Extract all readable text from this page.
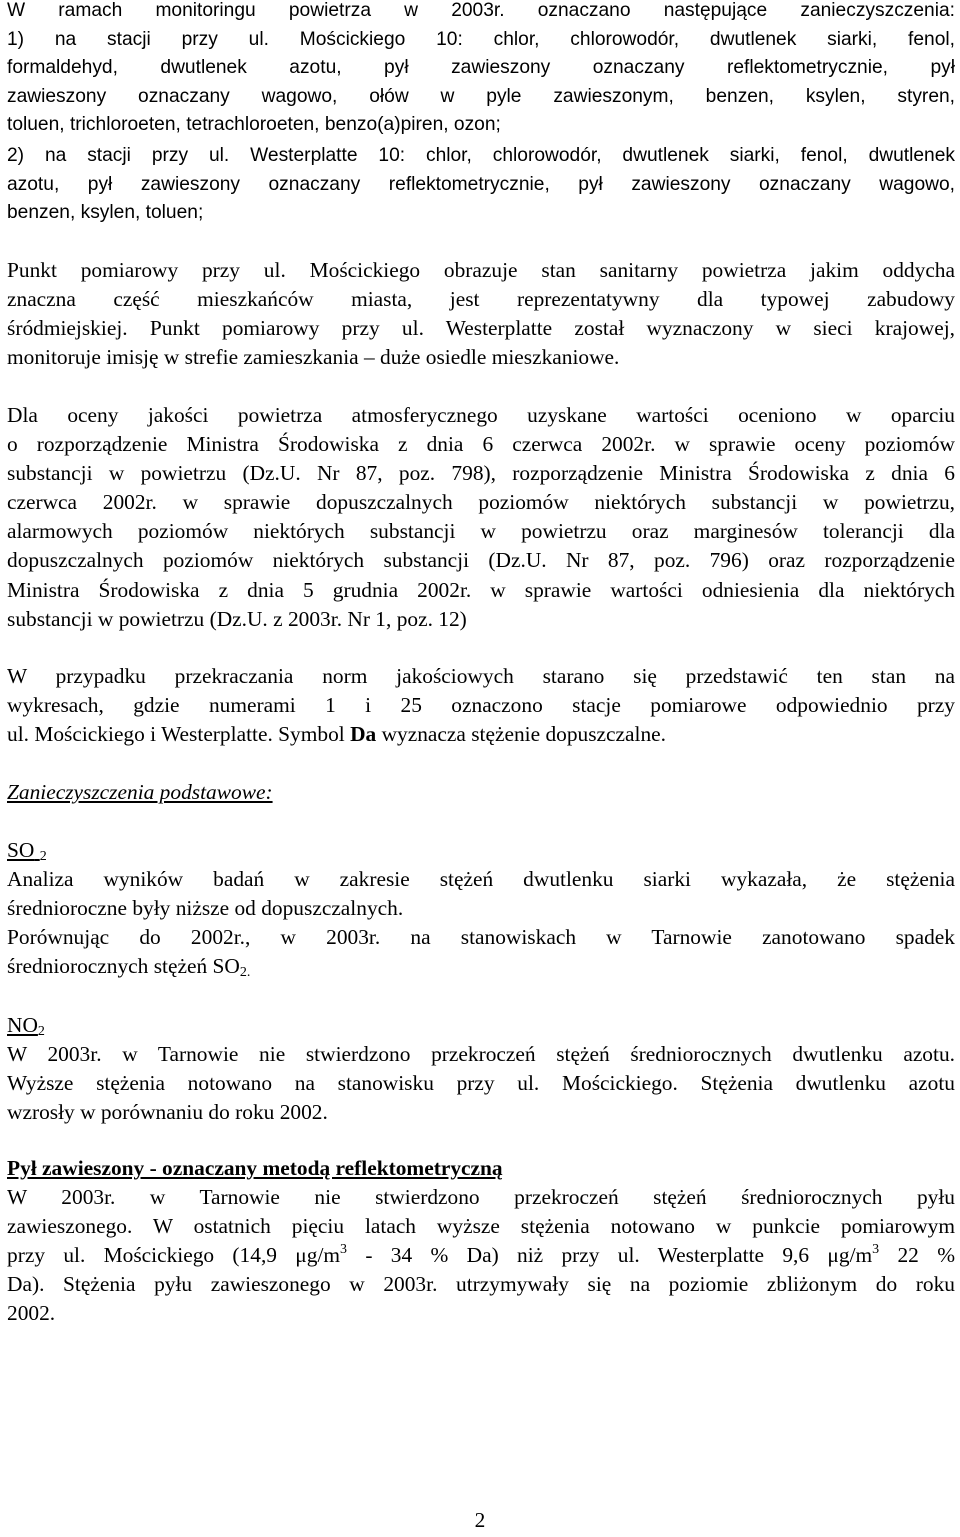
W ramach monitoringu powietrza w 2003r. oznaczano następujące zanieczyszczenia:
1) na stacji przy ul. Mościckiego 10: chlor, chlorowodór, dwutlenek siarki, fenol,
formaldehyd, dwutlenek azotu, pył zawieszony oznaczany reflektometrycznie, pył
zawieszony oznaczany wagowo, ołów w pyle zawieszonym, benzen, ksylen, styren,
toluen, trichloroeten, tetrachloroeten, benzo(a)piren, ozon;
2) na stacji przy ul. Westerplatte 10: chlor, chlorowodór, dwutlenek siarki, fenol, dwutlenek
azotu, pył zawieszony oznaczany reflektometrycznie, pył zawieszony oznaczany wagowo,
benzen, ksylen, toluen;
Punkt pomiarowy przy ul. Mościckiego obrazuje stan sanitarny powietrza jakim oddycha
znaczna część mieszkańców miasta, jest reprezentatywny dla typowej zabudowy
śródmiejskiej. Punkt pomiarowy przy ul. Westerplatte został wyznaczony w sieci krajowej,
monitoruje imisję w strefie zamieszkania – duże osiedle mieszkaniowe.
Dla oceny jakości powietrza atmosferycznego uzyskane wartości oceniono w oparciu
o rozporządzenie Ministra Środowiska z dnia 6 czerwca 2002r. w sprawie oceny poziomów
substancji w powietrzu (Dz.U. Nr 87, poz. 798), rozporządzenie Ministra Środowiska z dnia 6
czerwca 2002r. w sprawie dopuszczalnych poziomów niektórych substancji w powietrzu,
alarmowych poziomów niektórych substancji w powietrzu oraz marginesów tolerancji dla
dopuszczalnych poziomów niektórych substancji (Dz.U. Nr 87, poz. 796) oraz rozporządzenie
Ministra Środowiska z dnia 5 grudnia 2002r. w sprawie wartości odniesienia dla niektórych
substancji w powietrzu (Dz.U. z 2003r. Nr 1, poz. 12)
W przypadku przekraczania norm jakościowych starano się przedstawić ten stan na
wykresach, gdzie numerami 1 i 25 oznaczono stacje pomiarowe odpowiednio przy
ul. Mościckiego i Westerplatte. Symbol Da wyznacza stężenie dopuszczalne.
Zanieczyszczenia podstawowe:
SO $_2$
Analiza wyników badań w zakresie stężeń dwutlenku siarki wykazała, że stężenia
średnioroczne były niższe od dopuszczalnych.
Porównując do 2002r., w 2003r. na stanowiskach w Tarnowie zanotowano spadek
średniorocznych stężeń $SO_{2.}$
$NO_2$
W 2003r. w Tarnowie nie stwierdzono przekroczeń stężeń średniorocznych dwutlenku azotu.
Wyższe stężenia notowano na stanowisku przy ul. Mościckiego. Stężenia dwutlenku azotu
wzrosły w porównaniu do roku 2002.
Pył zawieszony - oznaczany metodą reflektometryczną
W 2003r. w Tarnowie nie stwierdzono przekroczeń stężeń średniorocznych pyłu
zawieszonego. W ostatnich pięciu latach wyższe stężenia notowano w punkcie pomiarowym
przy ul. Mościckiego (14,9 $\mu g/m^3 - 34$ % Da) niż przy ul. Westerplatte 9,6 $\mu g/m^3$ 22 %
Da). Stężenia pyłu zawieszonego w 2003r. utrzymywały się na poziomie zbliżonym do roku
2002.
2
